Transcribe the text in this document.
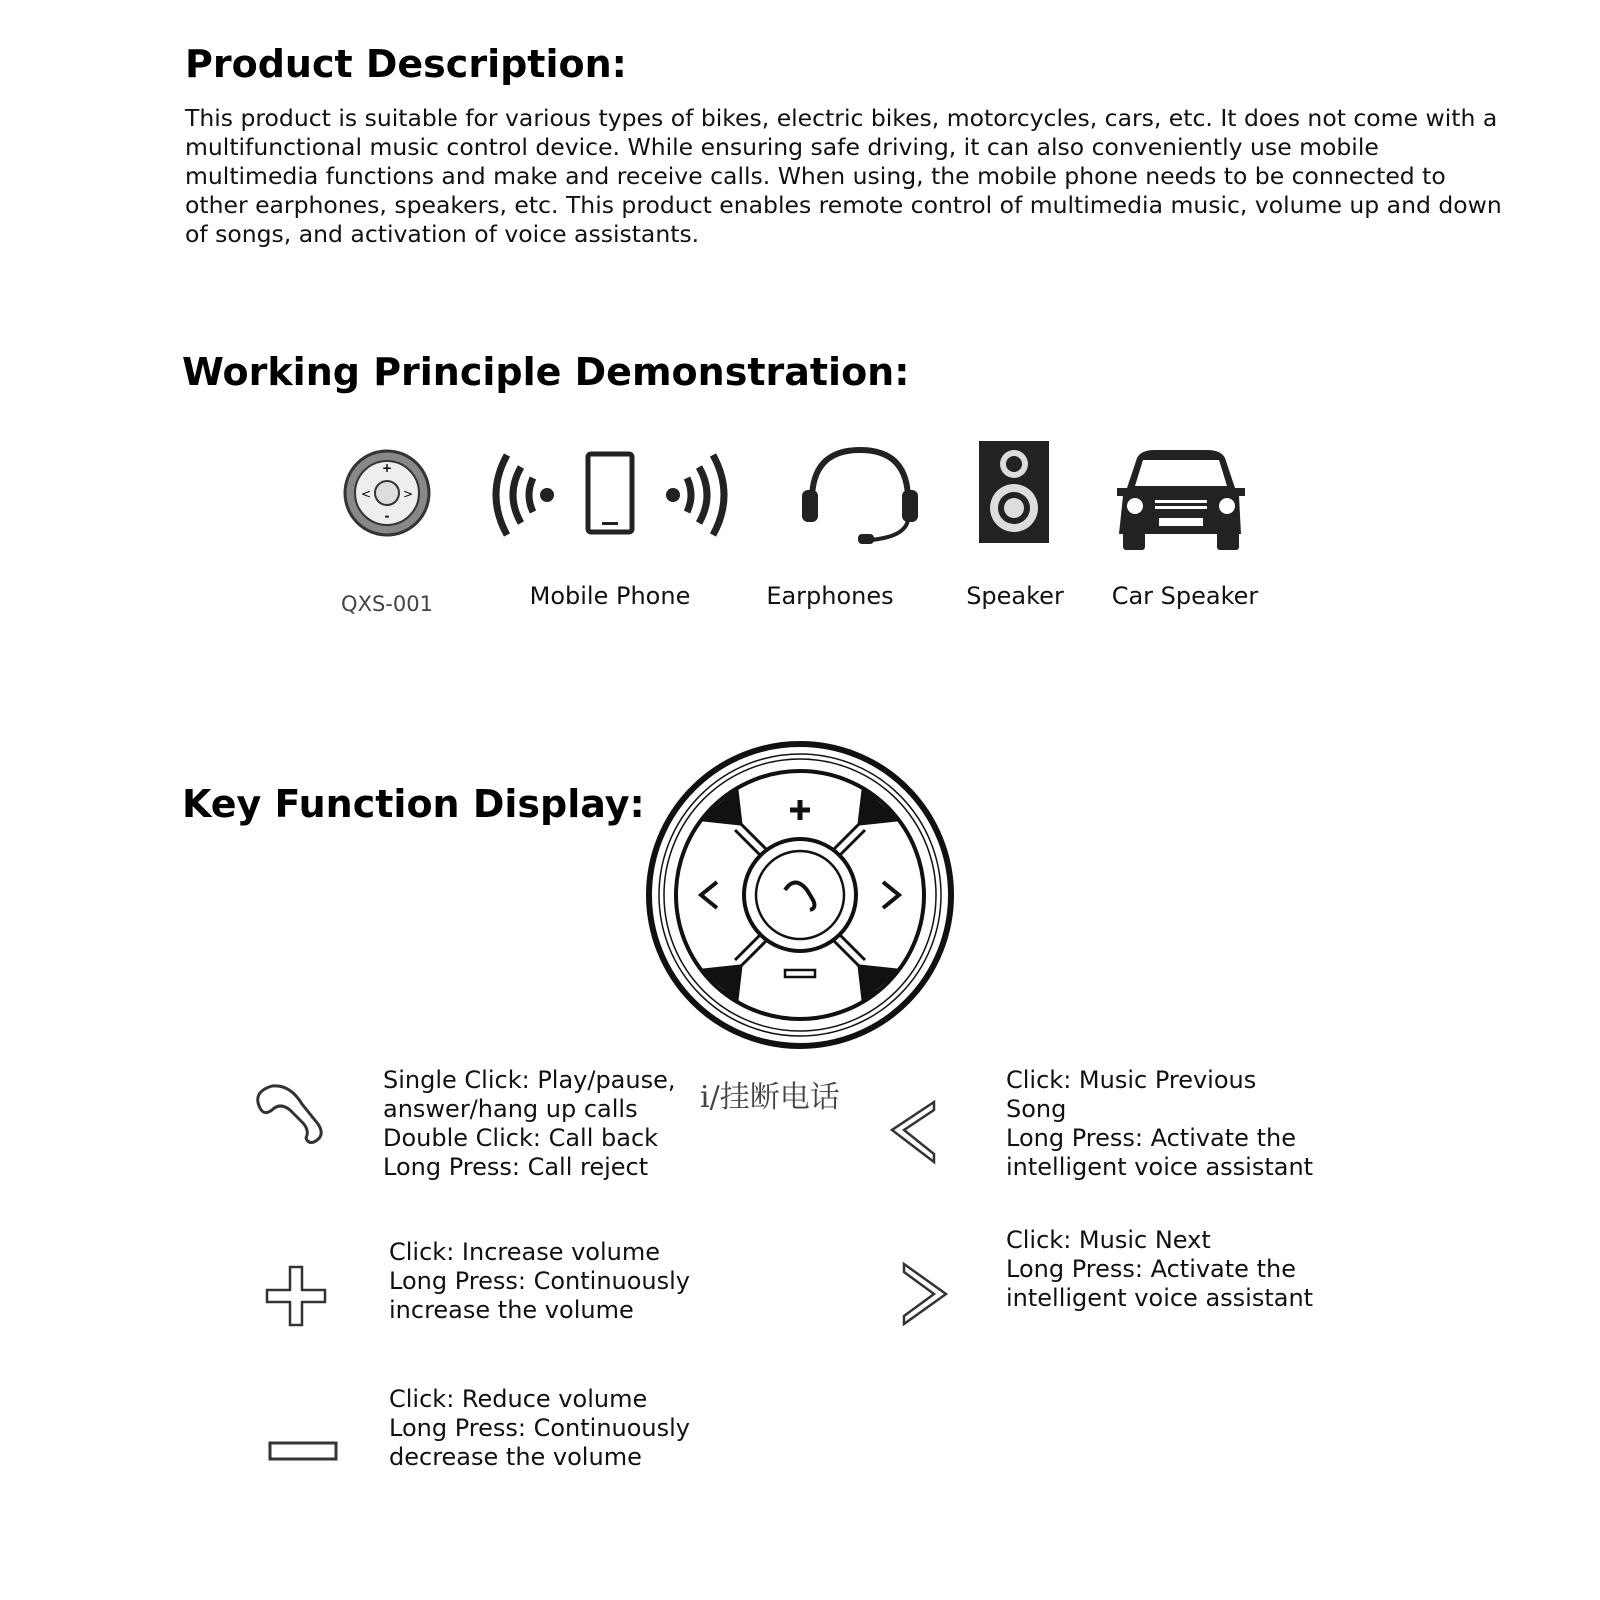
Product Description:
This product is suitable for various types of bikes, electric bikes, motorcycles, cars, etc. It does not come with a multifunctional music control device. While ensuring safe driving, it can also conveniently use mobile multimedia functions and make and receive calls. When using, the mobile phone needs to be connected to other earphones, speakers, etc. This product enables remote control of multimedia music, volume up and down of songs, and activation of voice assistants.
Working Principle Demonstration:
+
-
<	>
QXS-001	Mobile Phone	Earphones	Speaker	Car Speaker
Key Function Display:
i/挂断电话
Single Click: Play/pause,
answer/hang up calls
Double Click: Call back
Long Press: Call reject
Click: Increase volume
Long Press: Continuously
increase the volume
Click: Reduce volume
Long Press: Continuously
decrease the volume
Click: Music Previous
Song
Long Press: Activate the
intelligent voice assistant
Click: Music Next
Long Press: Activate the
intelligent voice assistant
